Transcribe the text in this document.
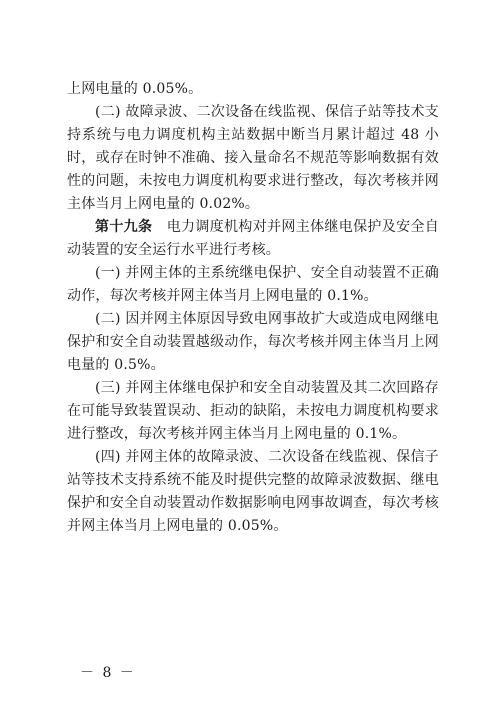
上网电量的 0.05%。

(二) 故障录波、二次设备在线监视、保信子站等技术支持系统与电力调度机构主站数据中断当月累计超过 48 小时，或存在时钟不准确、接入量命名不规范等影响数据有效性的问题，未按电力调度机构要求进行整改，每次考核并网主体当月上网电量的 0.02%。

第十九条　电力调度机构对并网主体继电保护及安全自动装置的安全运行水平进行考核。

(一) 并网主体的主系统继电保护、安全自动装置不正确动作，每次考核并网主体当月上网电量的 0.1%。

(二) 因并网主体原因导致电网事故扩大或造成电网继电保护和安全自动装置越级动作，每次考核并网主体当月上网电量的 0.5%。

(三) 并网主体继电保护和安全自动装置及其二次回路存在可能导致装置误动、拒动的缺陷，未按电力调度机构要求进行整改，每次考核并网主体当月上网电量的 0.1%。

(四) 并网主体的故障录波、二次设备在线监视、保信子站等技术支持系统不能及时提供完整的故障录波数据、继电保护和安全自动装置动作数据影响电网事故调查，每次考核并网主体当月上网电量的 0.05%。

－ 8 －
